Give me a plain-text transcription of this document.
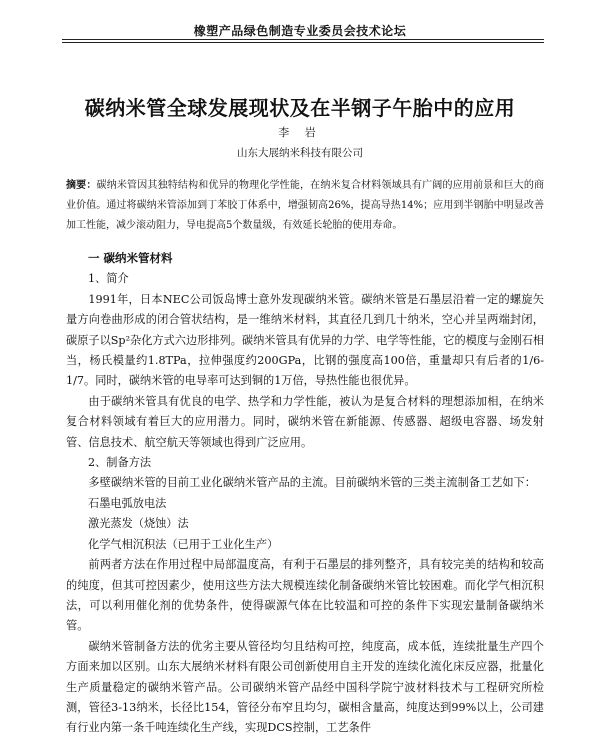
橡塑产品绿色制造专业委员会技术论坛
碳纳米管全球发展现状及在半钢子午胎中的应用
李 岩
山东大展纳米科技有限公司
摘要：碳纳米管因其独特结构和优异的物理化学性能，在纳米复合材料领域具有广阔的应用前景和巨大的商业价值。通过将碳纳米管添加到丁苯胶丁体系中，增强韧高26%，提高导热14%；应用到半钢胎中明显改善加工性能，减少滚动阻力，导电提高5个数量级，有效延长轮胎的使用寿命。
一 碳纳米管材料
1、简介

1991年，日本NEC公司饭岛博士意外发现碳纳米管。碳纳米管是石墨层沿着一定的螺旋矢量方向卷曲形成的闭合管状结构，是一维纳米材料，其直径几到几十纳米，空心并呈两端封闭，碳原子以Sp²杂化方式六边形排列。碳纳米管具有优异的力学、电学等性能，它的模度与金刚石相当，杨氏模量约1.8TPa，拉伸强度约200GPa，比钢的强度高100倍，重量却只有后者的1/6-1/7。同时，碳纳米管的电导率可达到铜的1万倍，导热性能也很优异。

由于碳纳米管具有优良的电学、热学和力学性能，被认为是复合材料的理想添加相，在纳米复合材料领域有着巨大的应用潜力。同时，碳纳米管在新能源、传感器、超级电容器、场发射管、信息技术、航空航天等领域也得到广泛应用。

2、制备方法

多壁碳纳米管的目前工业化碳纳米管产品的主流。目前碳纳米管的三类主流制备工艺如下：

石墨电弧放电法
激光蒸发（烧蚀）法
化学气相沉积法（已用于工业化生产）

前两者方法在作用过程中局部温度高，有利于石墨层的排列整齐，具有较完美的结构和较高的纯度，但其可控因素少，使用这些方法大规模连续化制备碳纳米管比较困难。而化学气相沉积法，可以利用催化剂的优势条件，使得碳源气体在比较温和可控的条件下实现宏量制备碳纳米管。

碳纳米管制备方法的优劣主要从管径均匀且结构可控，纯度高，成本低，连续批量生产四个方面来加以区别。山东大展纳米材料有限公司创新使用自主开发的连续化流化床反应器，批量化生产质量稳定的碳纳米管产品。公司碳纳米管产品经中国科学院宁波材料技术与工程研究所检测，管径3-13纳米，长径比154，管径分布窄且均匀，碳相含量高，纯度达到99%以上，公司建有行业内第一条千吨连续化生产线，实现DCS控制，工艺条件
